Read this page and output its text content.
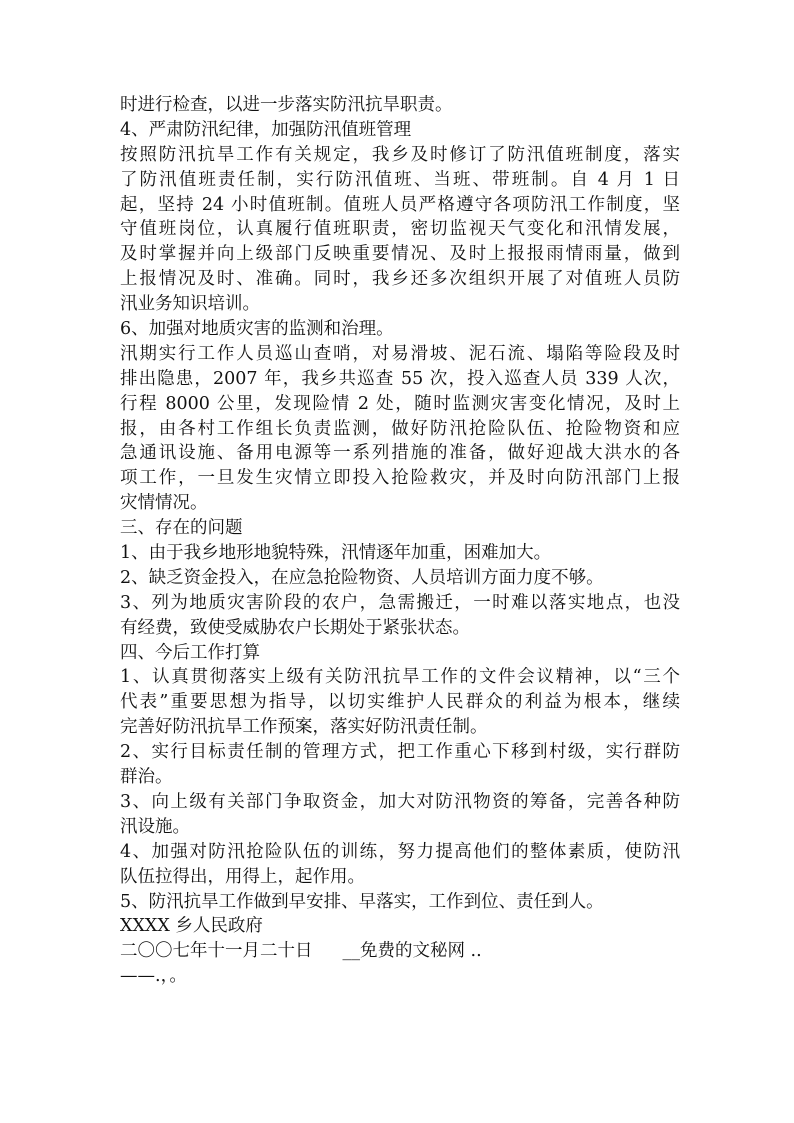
时进行检查，以进一步落实防汛抗旱职责。
4、严肃防汛纪律，加强防汛值班管理
按照防汛抗旱工作有关规定，我乡及时修订了防汛值班制度，落实
了防汛值班责任制，实行防汛值班、当班、带班制。自 4 月 1 日
起，坚持 24 小时值班制。值班人员严格遵守各项防汛工作制度，坚
守值班岗位，认真履行值班职责，密切监视天气变化和汛情发展，
及时掌握并向上级部门反映重要情况、及时上报报雨情雨量，做到
上报情况及时、准确。同时，我乡还多次组织开展了对值班人员防
汛业务知识培训。
6、加强对地质灾害的监测和治理。
汛期实行工作人员巡山查哨，对易滑坡、泥石流、塌陷等险段及时
排出隐患，2007 年，我乡共巡查 55 次，投入巡查人员 339 人次，
行程 8000 公里，发现险情 2 处，随时监测灾害变化情况，及时上
报，由各村工作组长负责监测，做好防汛抢险队伍、抢险物资和应
急通讯设施、备用电源等一系列措施的准备，做好迎战大洪水的各
项工作，一旦发生灾情立即投入抢险救灾，并及时向防汛部门上报
灾情情况。
三、存在的问题
1、由于我乡地形地貌特殊，汛情逐年加重，困难加大。
2、缺乏资金投入，在应急抢险物资、人员培训方面力度不够。
3、列为地质灾害阶段的农户，急需搬迁，一时难以落实地点，也没
有经费，致使受威胁农户长期处于紧张状态。
四、今后工作打算
1、认真贯彻落实上级有关防汛抗旱工作的文件会议精神，以“三个
代表”重要思想为指导，以切实维护人民群众的利益为根本，继续
完善好防汛抗旱工作预案，落实好防汛责任制。
2、实行目标责任制的管理方式，把工作重心下移到村级，实行群防
群治。
3、向上级有关部门争取资金，加大对防汛物资的筹备，完善各种防
汛设施。
4、加强对防汛抢险队伍的训练，努力提高他们的整体素质，使防汛
队伍拉得出，用得上，起作用。
5、防汛抗旱工作做到早安排、早落实，工作到位、责任到人。
XXXX 乡人民政府
二〇〇七年十一月二十日 __免费的文秘网 ..
——.，。
